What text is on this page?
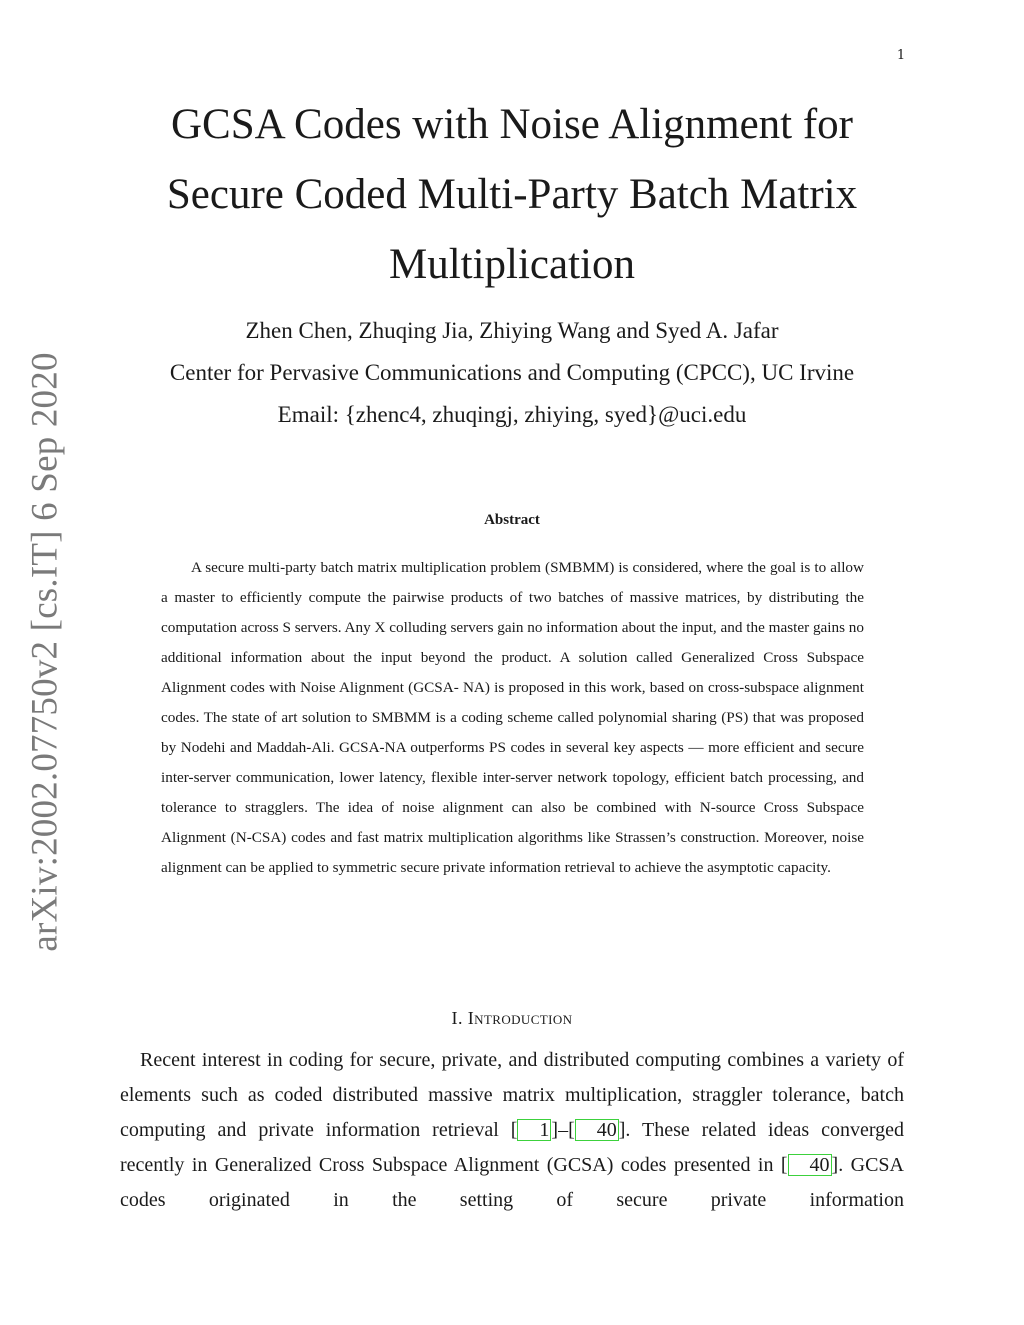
1
arXiv:2002.07750v2 [cs.IT] 6 Sep 2020
GCSA Codes with Noise Alignment for
Secure Coded Multi-Party Batch Matrix
Multiplication
Zhen Chen, Zhuqing Jia, Zhiying Wang and Syed A. Jafar
Center for Pervasive Communications and Computing (CPCC), UC Irvine
Email: {zhenc4, zhuqingj, zhiying, syed}@uci.edu
Abstract

A secure multi-party batch matrix multiplication problem (SMBMM) is considered, where the goal is to allow a master to efficiently compute the pairwise products of two batches of massive matrices, by distributing the computation across S servers. Any X colluding servers gain no information about the input, and the master gains no additional information about the input beyond the product. A solution called Generalized Cross Subspace Alignment codes with Noise Alignment (GCSA- NA) is proposed in this work, based on cross-subspace alignment codes. The state of art solution to SMBMM is a coding scheme called polynomial sharing (PS) that was proposed by Nodehi and Maddah-Ali. GCSA-NA outperforms PS codes in several key aspects — more efficient and secure inter-server communication, lower latency, flexible inter-server network topology, efficient batch processing, and tolerance to stragglers. The idea of noise alignment can also be combined with N-source Cross Subspace Alignment (N-CSA) codes and fast matrix multiplication algorithms like Strassen’s construction. Moreover, noise alignment can be applied to symmetric secure private information retrieval to achieve the asymptotic capacity.

I. Introduction

Recent interest in coding for secure, private, and distributed computing combines a variety of elements such as coded distributed massive matrix multiplication, straggler tolerance, batch computing and private information retrieval [ 1 ]–[ 40 ]. These related ideas converged recently in Generalized Cross Subspace Alignment (GCSA) codes presented in [ 40 ]. GCSA codes originated in the setting of secure private information
